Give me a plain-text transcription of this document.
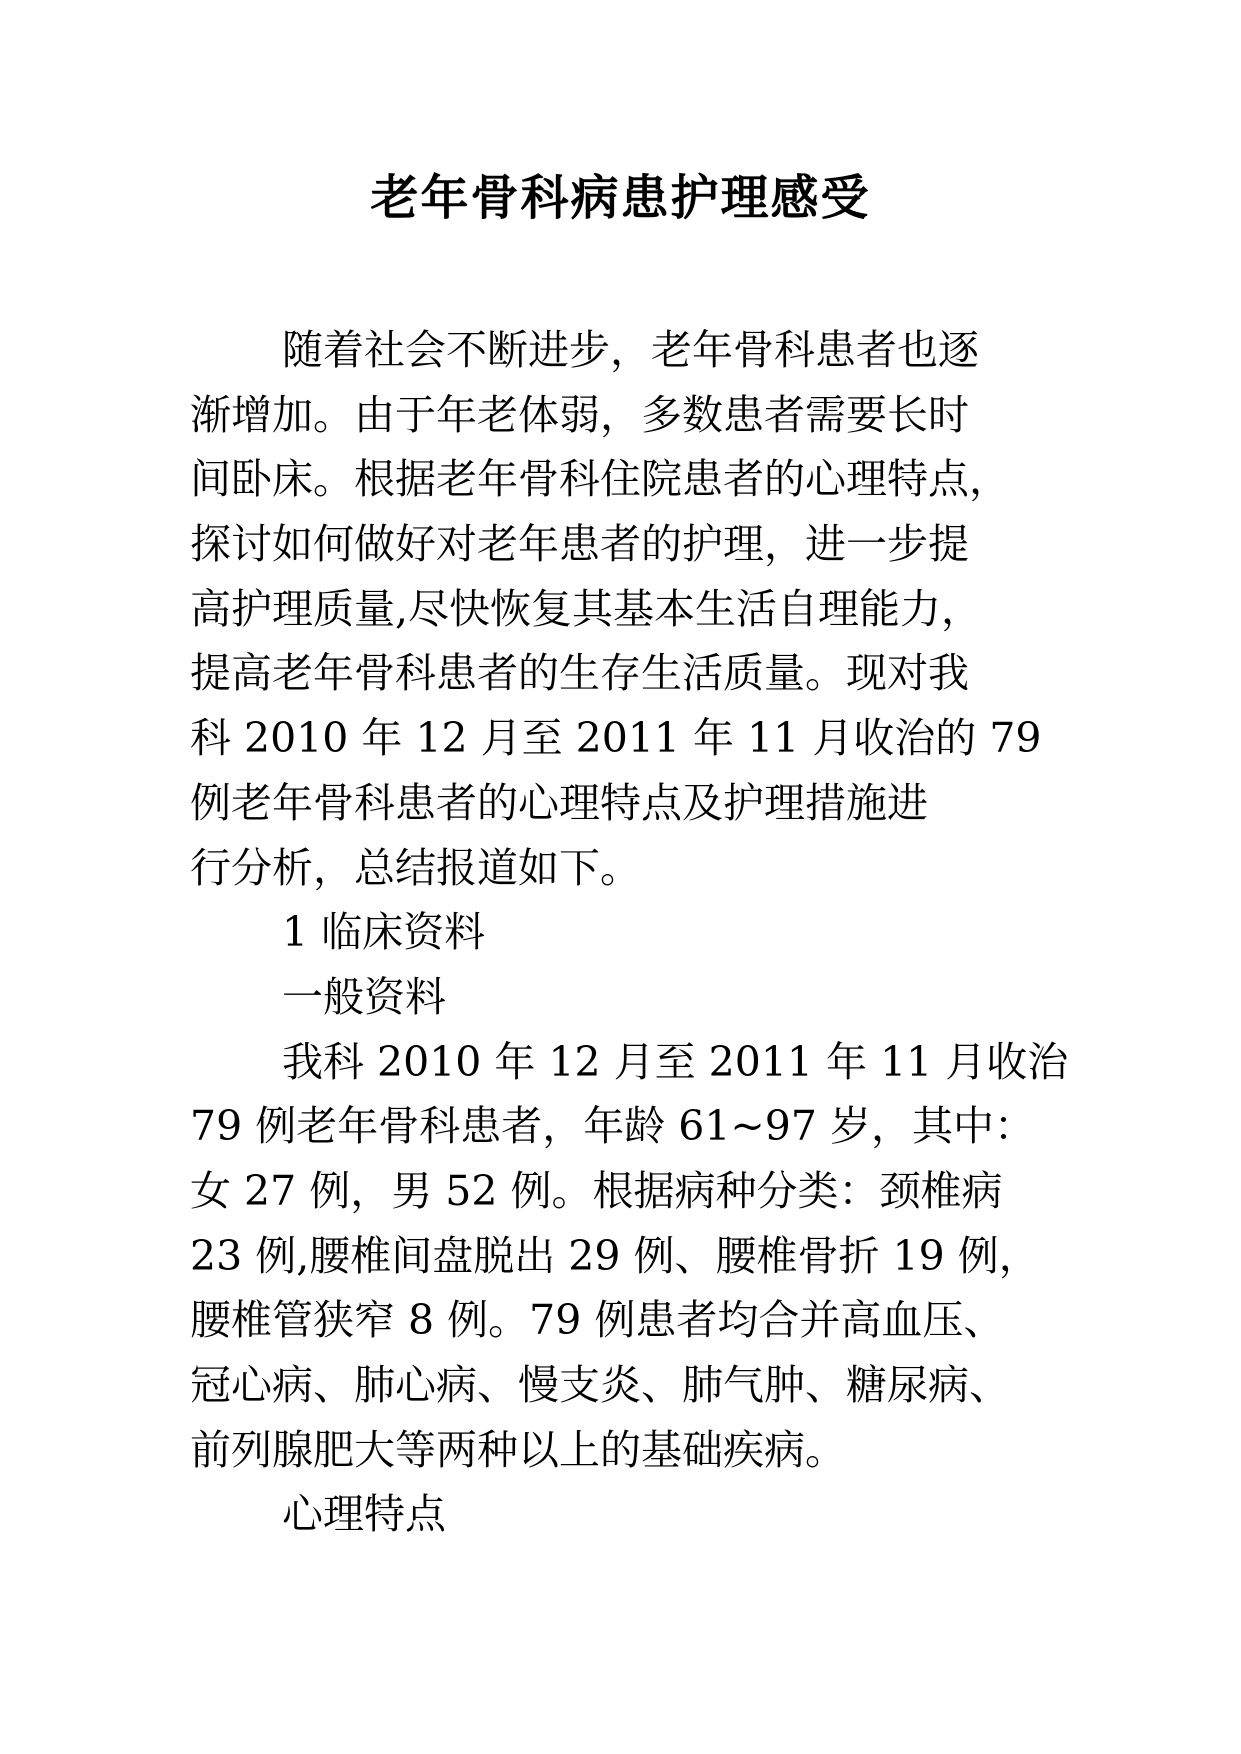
老年骨科病患护理感受
随着社会不断进步，老年骨科患者也逐
渐增加。由于年老体弱，多数患者需要长时
间卧床。根据老年骨科住院患者的心理特点，
探讨如何做好对老年患者的护理，进一步提
高护理质量,尽快恢复其基本生活自理能力，
提高老年骨科患者的生存生活质量。现对我
科 2010 年 12 月至 2011 年 11 月收治的 79
例老年骨科患者的心理特点及护理措施进
行分析，总结报道如下。
1 临床资料
一般资料
我科 2010 年 12 月至 2011 年 11 月收治
79 例老年骨科患者，年龄 61~97 岁，其中：
女 27 例，男 52 例。根据病种分类：颈椎病
23 例,腰椎间盘脱出 29 例、腰椎骨折 19 例，
腰椎管狭窄 8 例。79 例患者均合并高血压、
冠心病、肺心病、慢支炎、肺气肿、糖尿病、
前列腺肥大等两种以上的基础疾病。
心理特点
